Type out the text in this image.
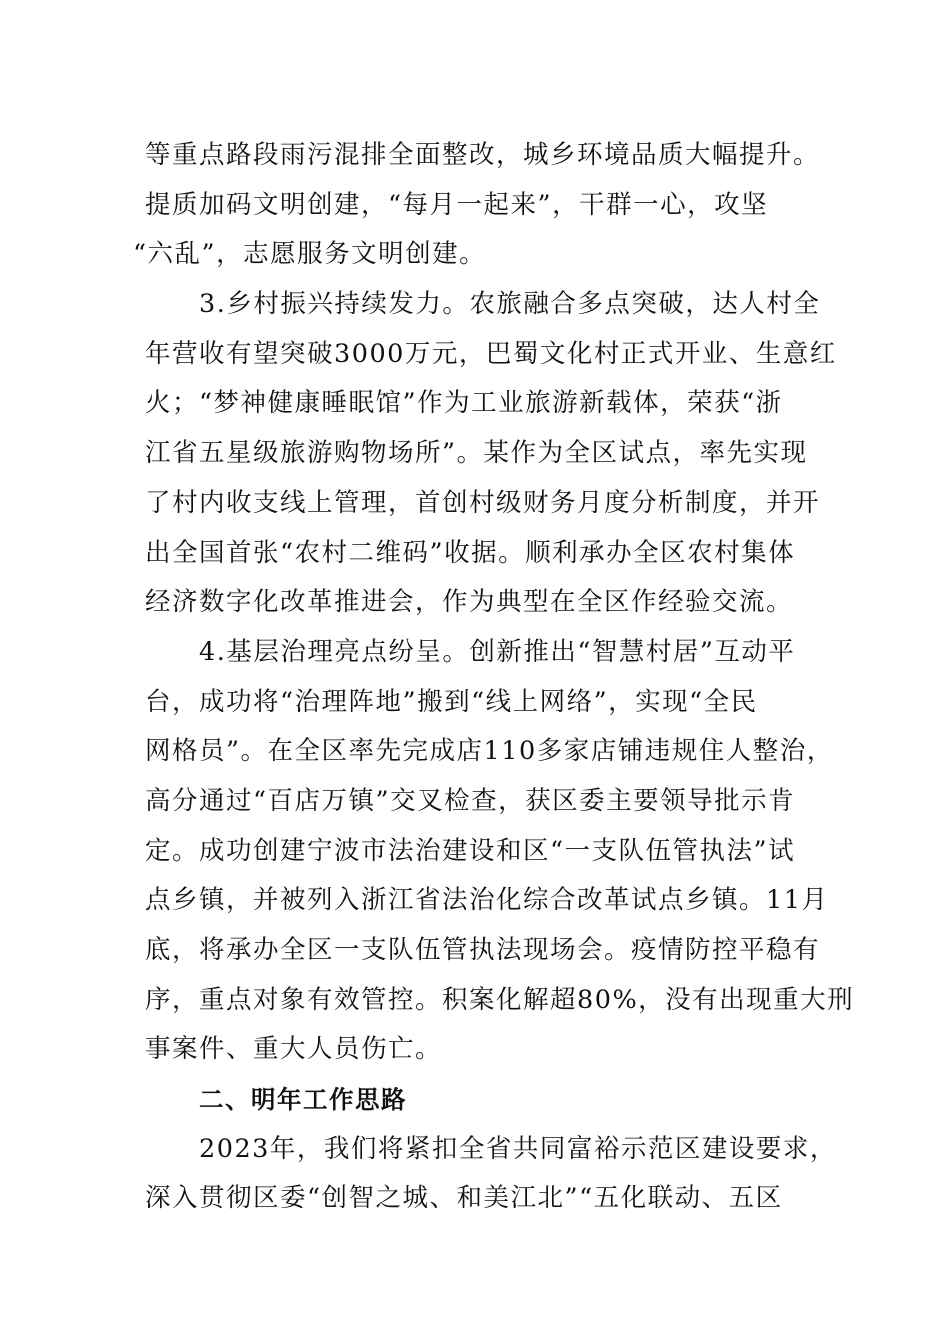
等重点路段雨污混排全面整改，城乡环境品质大幅提升。
提质加码文明创建，“每月一起来”，干群一心，攻坚
“六乱”，志愿服务文明创建。
3.乡村振兴持续发力。农旅融合多点突破，达人村全
年营收有望突破3000万元，巴蜀文化村正式开业、生意红
火；“梦神健康睡眠馆”作为工业旅游新载体，荣获“浙
江省五星级旅游购物场所”。某作为全区试点，率先实现
了村内收支线上管理，首创村级财务月度分析制度，并开
出全国首张“农村二维码”收据。顺利承办全区农村集体
经济数字化改革推进会，作为典型在全区作经验交流。
4.基层治理亮点纷呈。创新推出“智慧村居”互动平
台，成功将“治理阵地”搬到“线上网络”，实现“全民
网格员”。在全区率先完成店110多家店铺违规住人整治，
高分通过“百店万镇”交叉检查，获区委主要领导批示肯
定。成功创建宁波市法治建设和区“一支队伍管执法”试
点乡镇，并被列入浙江省法治化综合改革试点乡镇。11月
底，将承办全区一支队伍管执法现场会。疫情防控平稳有
序，重点对象有效管控。积案化解超80%，没有出现重大刑
事案件、重大人员伤亡。
二、明年工作思路
2023年，我们将紧扣全省共同富裕示范区建设要求，
深入贯彻区委“创智之城、和美江北”“五化联动、五区
